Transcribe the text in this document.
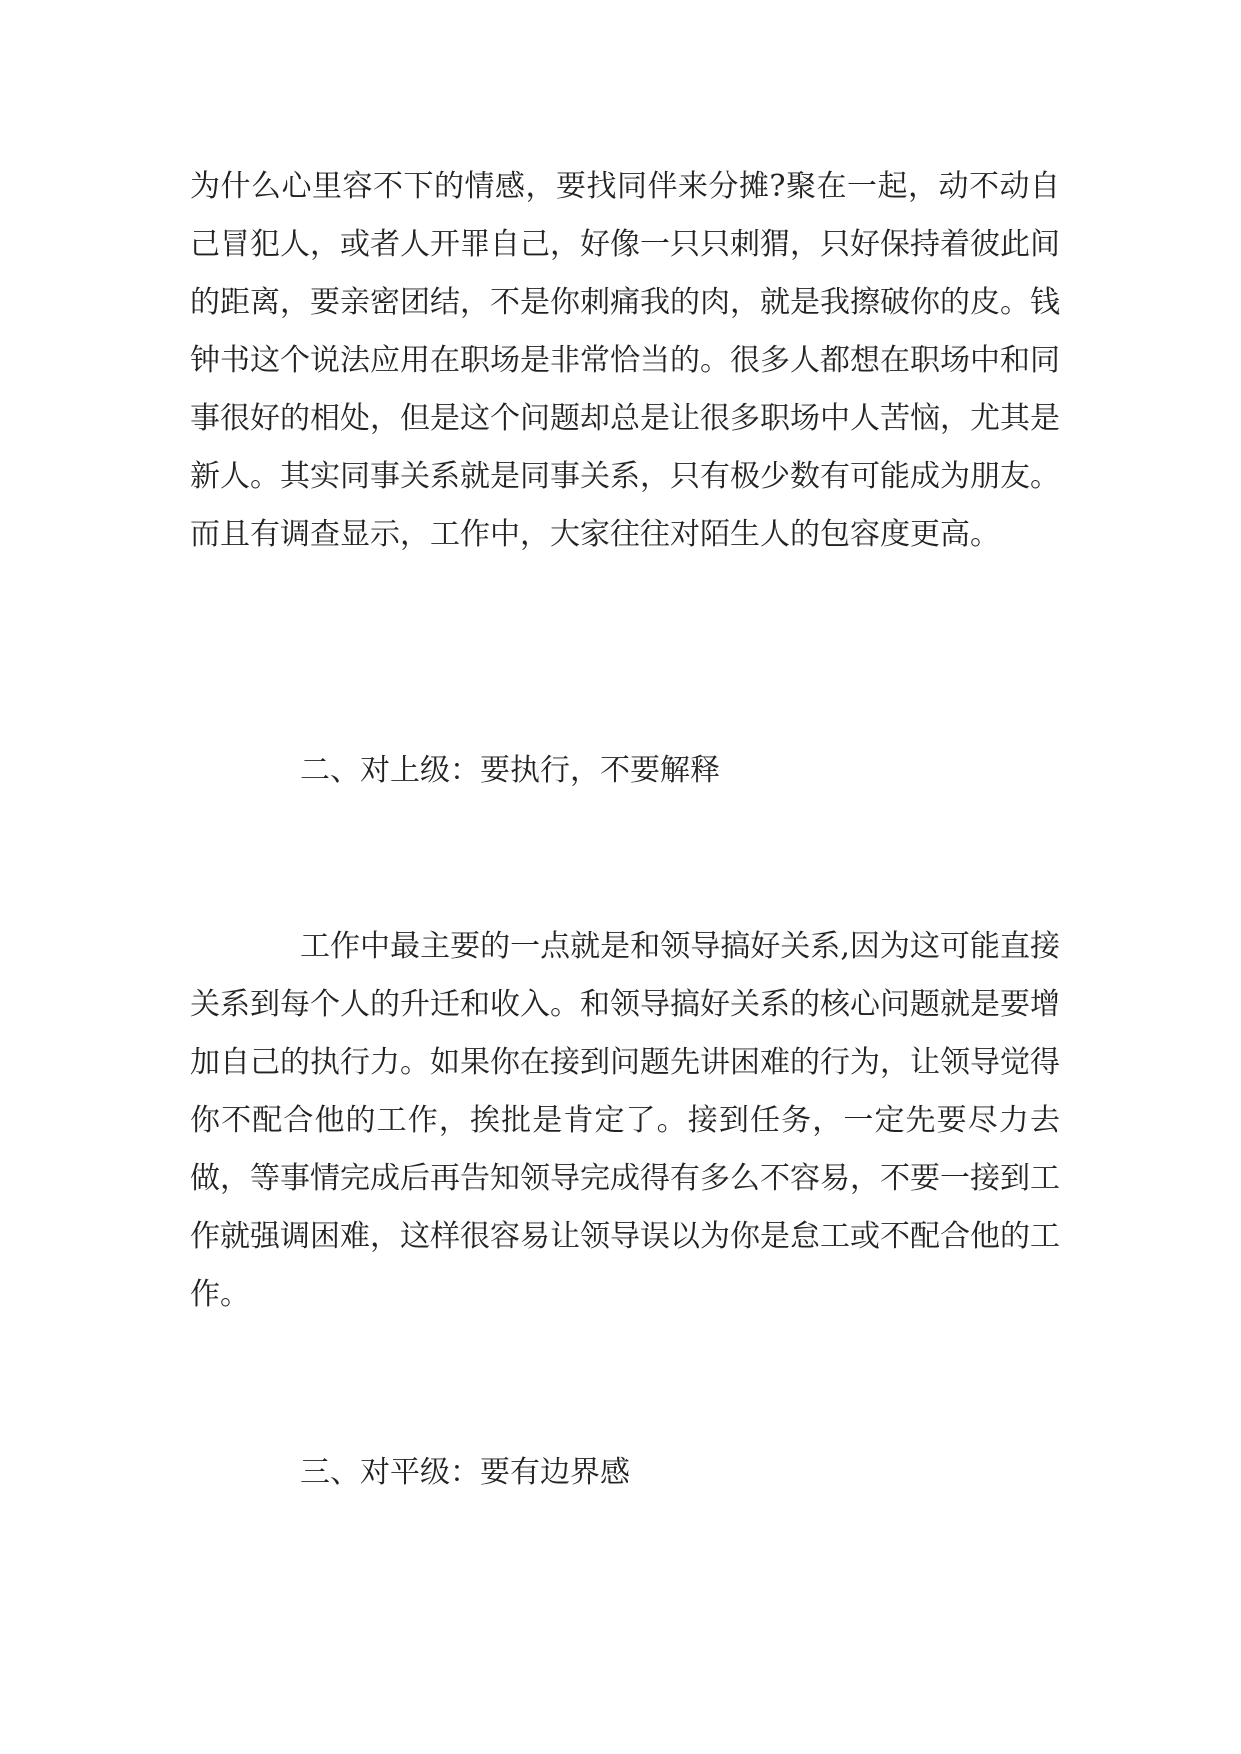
为什么心里容不下的情感，要找同伴来分摊?聚在一起，动不动自己冒犯人，或者人开罪自己，好像一只只刺猬，只好保持着彼此间的距离，要亲密团结，不是你刺痛我的肉，就是我擦破你的皮。钱钟书这个说法应用在职场是非常恰当的。很多人都想在职场中和同事很好的相处，但是这个问题却总是让很多职场中人苦恼，尤其是新人。其实同事关系就是同事关系，只有极少数有可能成为朋友。而且有调查显示，工作中，大家往往对陌生人的包容度更高。

二、对上级：要执行，不要解释

工作中最主要的一点就是和领导搞好关系,因为这可能直接关系到每个人的升迁和收入。和领导搞好关系的核心问题就是要增加自己的执行力。如果你在接到问题先讲困难的行为，让领导觉得你不配合他的工作，挨批是肯定了。接到任务，一定先要尽力去做，等事情完成后再告知领导完成得有多么不容易，不要一接到工作就强调困难，这样很容易让领导误以为你是怠工或不配合他的工作。

三、对平级：要有边界感
